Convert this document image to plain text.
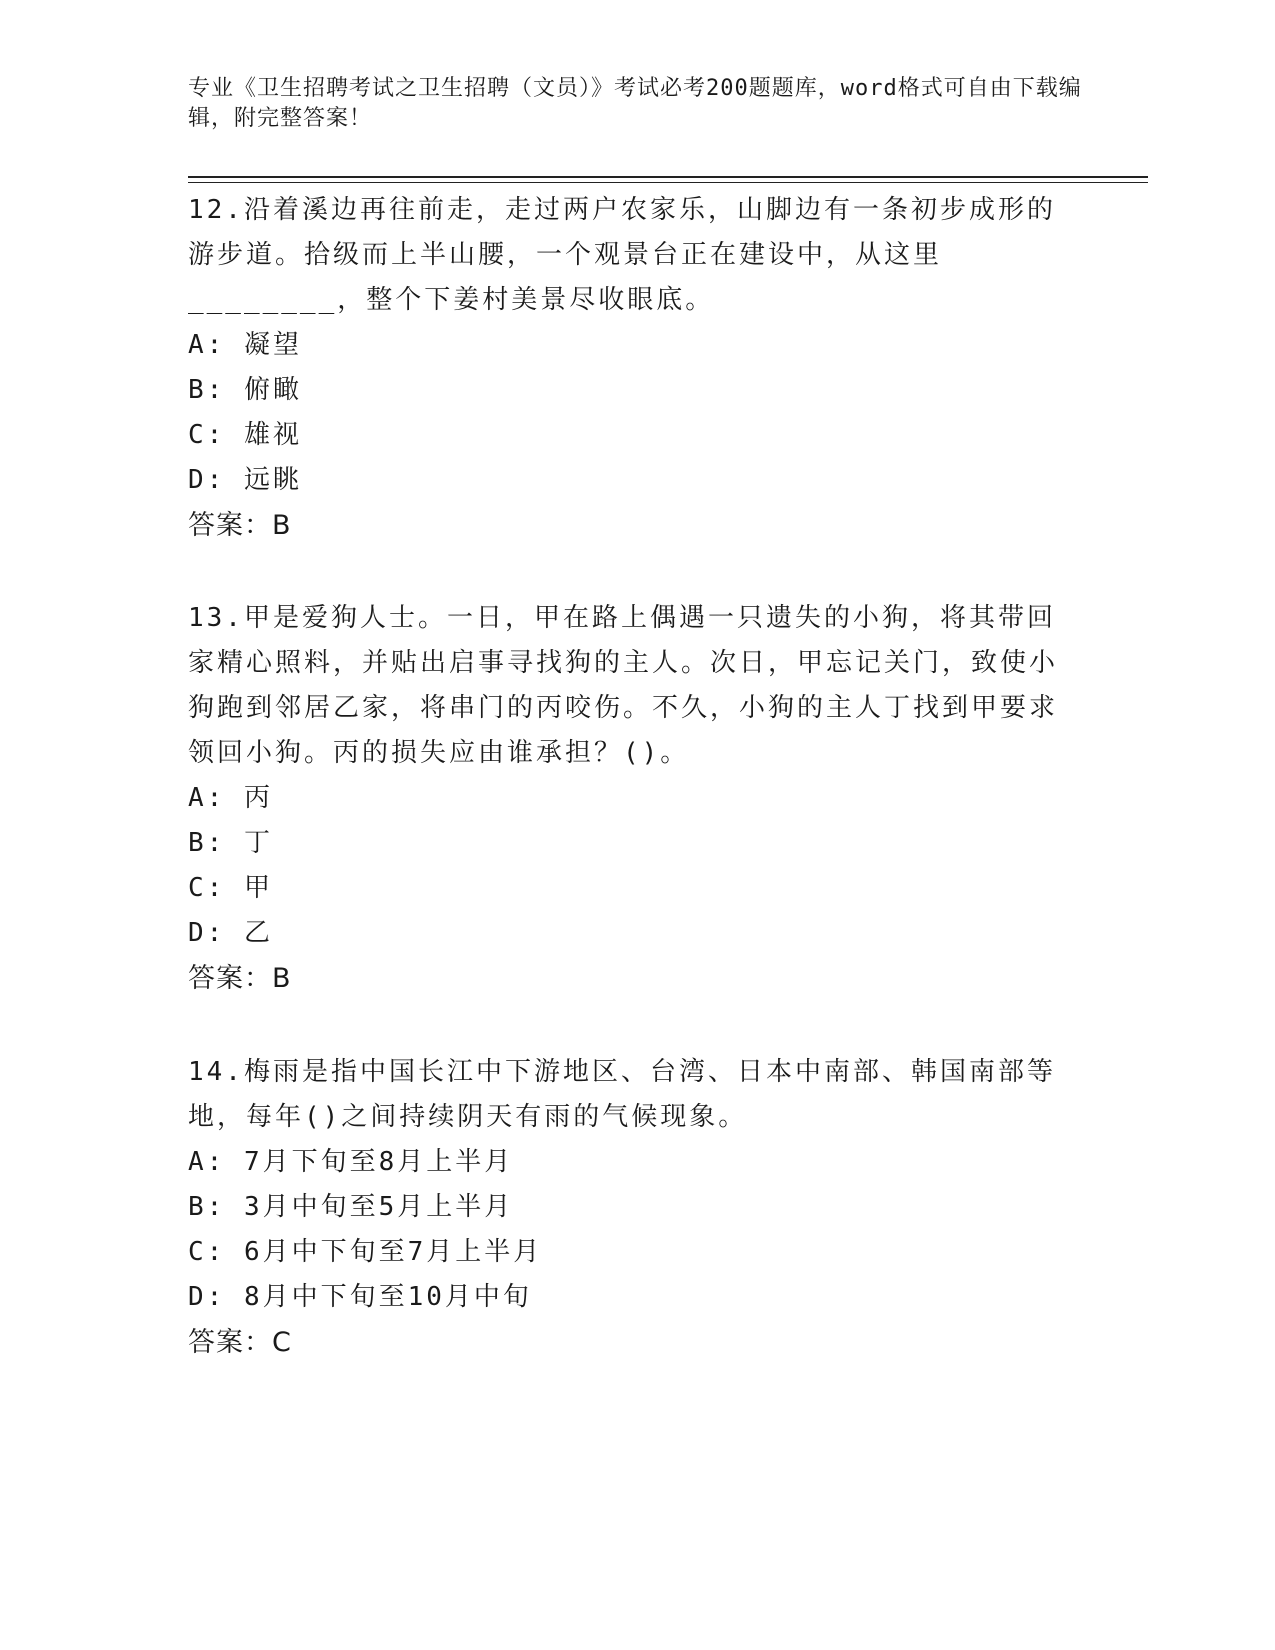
专业《卫生招聘考试之卫生招聘（文员）》考试必考200题题库，word格式可自由下载编辑，附完整答案！

12.沿着溪边再往前走，走过两户农家乐，山脚边有一条初步成形的游步道。拾级而上半山腰，一个观景台正在建设中，从这里________，整个下姜村美景尽收眼底。

A: 凝望

B: 俯瞰

C: 雄视

D: 远眺

答案：B

13.甲是爱狗人士。一日，甲在路上偶遇一只遗失的小狗，将其带回家精心照料，并贴出启事寻找狗的主人。次日，甲忘记关门，致使小狗跑到邻居乙家，将串门的丙咬伤。不久，小狗的主人丁找到甲要求领回小狗。丙的损失应由谁承担？()。

A: 丙

B: 丁

C: 甲

D: 乙

答案：B

14.梅雨是指中国长江中下游地区、台湾、日本中南部、韩国南部等地，每年()之间持续阴天有雨的气候现象。

A: 7月下旬至8月上半月

B: 3月中旬至5月上半月

C: 6月中下旬至7月上半月

D: 8月中下旬至10月中旬

答案：C
